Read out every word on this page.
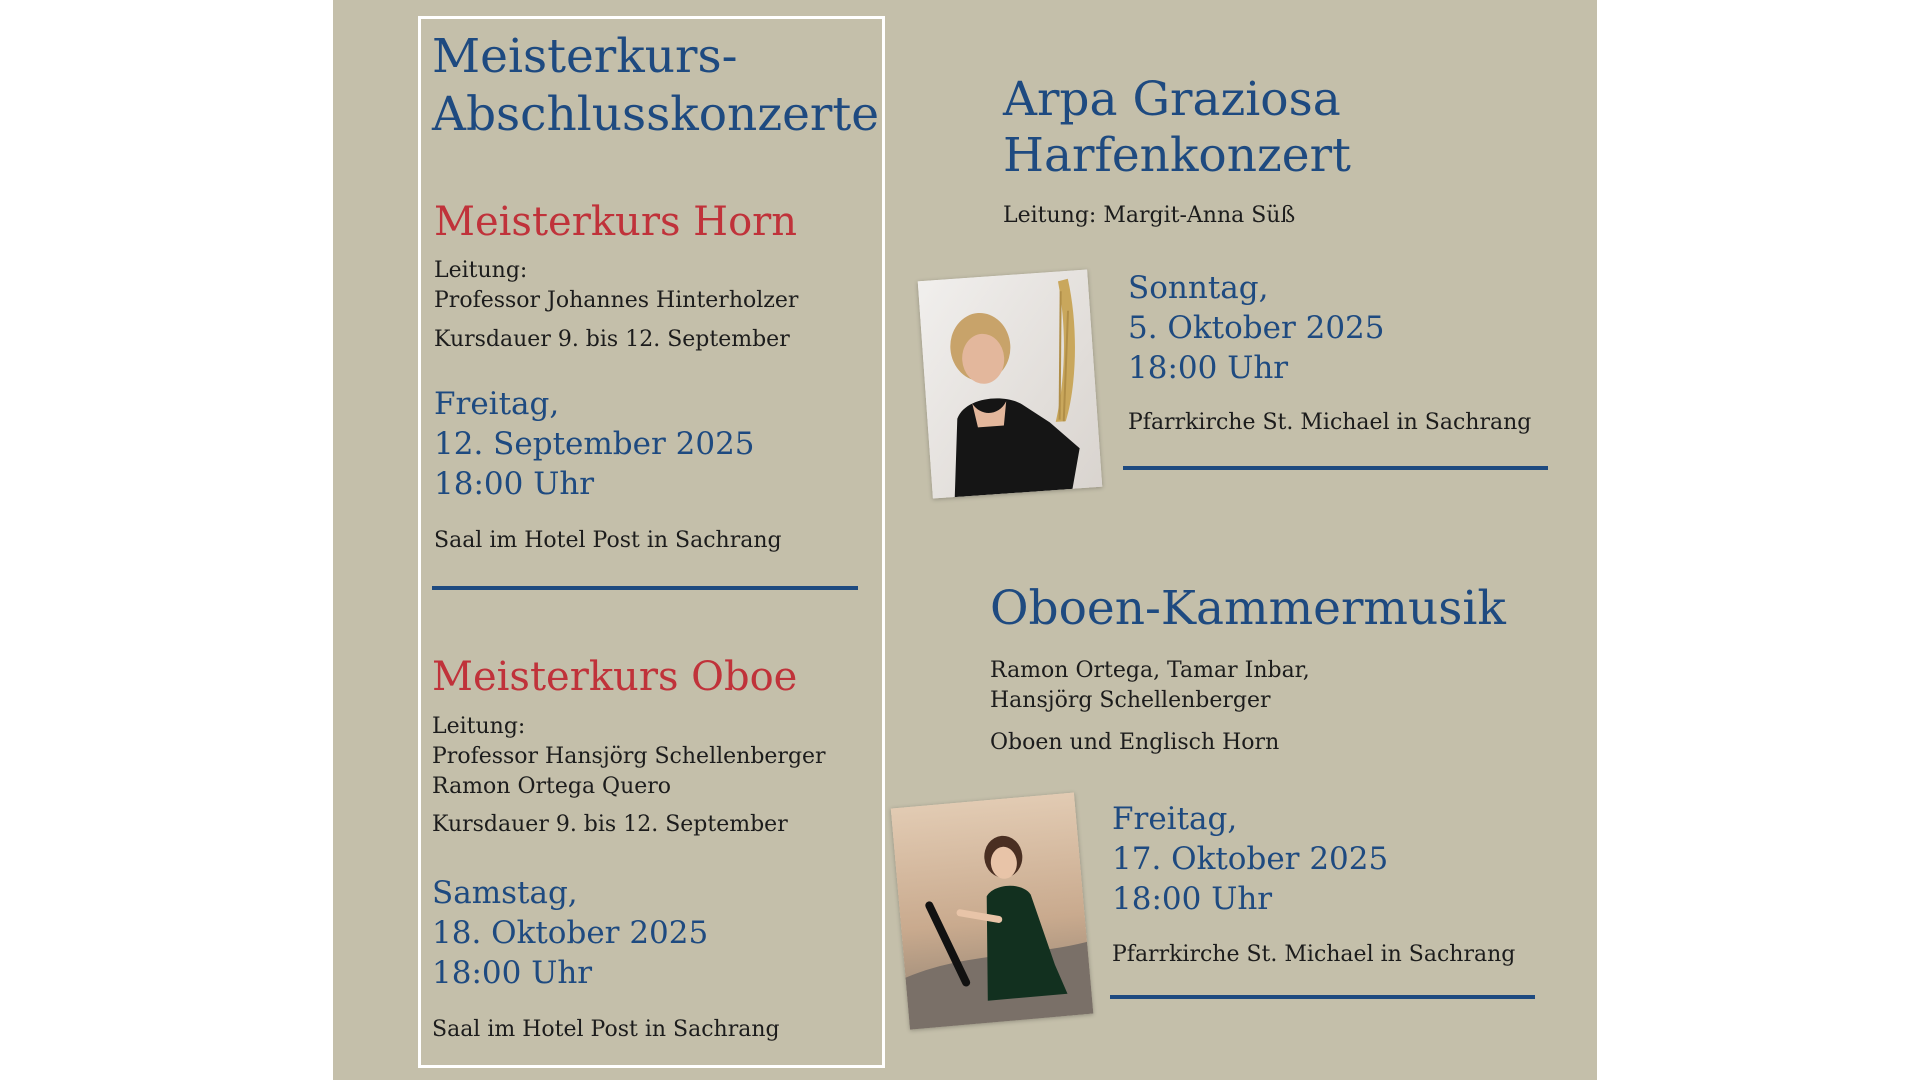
Meisterkurs-
Abschlusskonzerte
Meisterkurs Horn
Leitung:
Professor Johannes Hinterholzer
Kursdauer 9. bis 12. September
Freitag,
12. September 2025
18:00 Uhr
Saal im Hotel Post in Sachrang
Meisterkurs Oboe
Leitung:
Professor Hansjörg Schellenberger
Ramon Ortega Quero
Kursdauer 9. bis 12. September
Samstag,
18. Oktober 2025
18:00 Uhr
Saal im Hotel Post in Sachrang
Arpa Graziosa
Harfenkonzert
Leitung: Margit-Anna Süß
Sonntag,
5. Oktober 2025
18:00 Uhr
Pfarrkirche St. Michael in Sachrang
Oboen-Kammermusik
Ramon Ortega, Tamar Inbar,
Hansjörg Schellenberger
Oboen und Englisch Horn
Freitag,
17. Oktober 2025
18:00 Uhr
Pfarrkirche St. Michael in Sachrang
